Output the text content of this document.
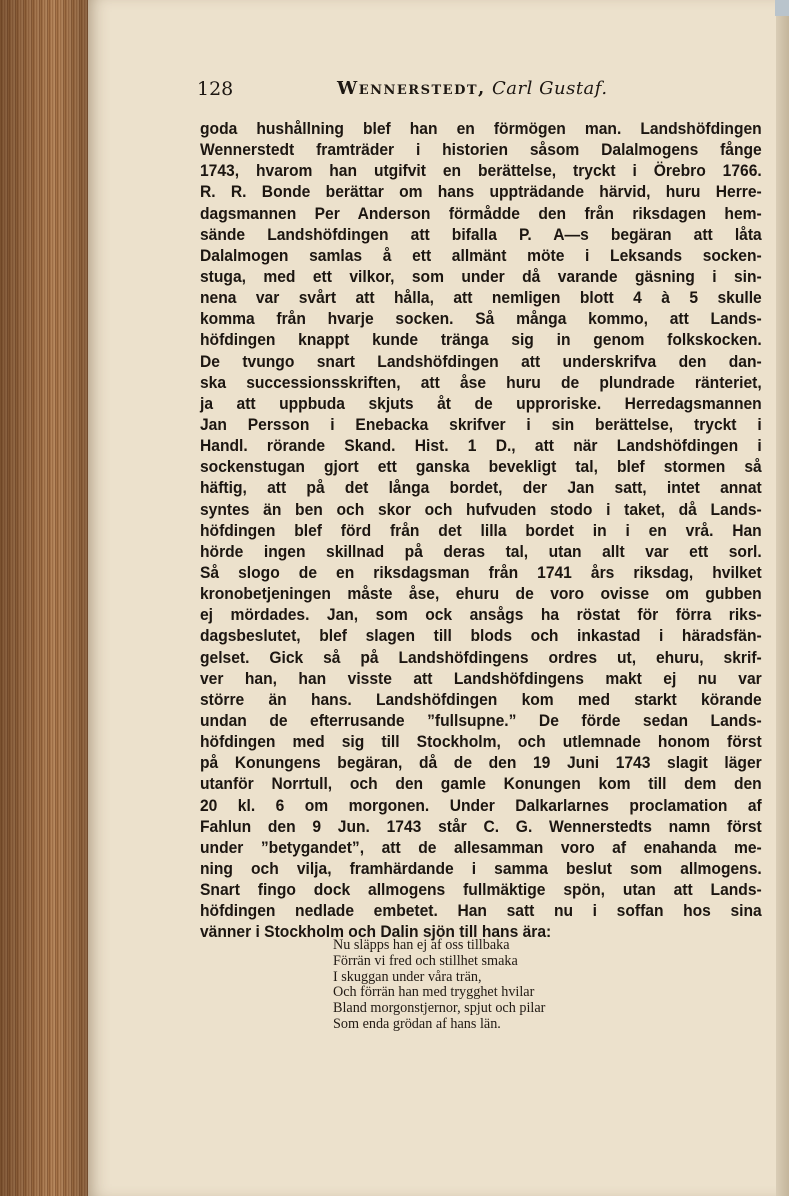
128	Wennerstedt, Carl Gustaf.
goda hushållning blef han en förmögen man. Landshöfdingen
Wennerstedt framträder i historien såsom Dalalmogens fånge
1743, hvarom han utgifvit en berättelse, tryckt i Örebro 1766.
R. R. Bonde berättar om hans uppträdande härvid, huru Herre-
dagsmannen Per Anderson förmådde den från riksdagen hem-
sände Landshöfdingen att bifalla P. A—s begäran att låta
Dalalmogen samlas å ett allmänt möte i Leksands socken-
stuga, med ett vilkor, som under då varande gäsning i sin-
nena var svårt att hålla, att nemligen blott 4 à 5 skulle
komma från hvarje socken. Så många kommo, att Lands-
höfdingen knappt kunde tränga sig in genom folkskocken.
De tvungo snart Landshöfdingen att underskrifva den dan-
ska successionsskriften, att åse huru de plundrade ränteriet,
ja att uppbuda skjuts åt de upproriske. Herredagsmannen
Jan Persson i Enebacka skrifver i sin berättelse, tryckt i
Handl. rörande Skand. Hist. 1 D., att när Landshöfdingen i
sockenstugan gjort ett ganska bevekligt tal, blef stormen så
häftig, att på det långa bordet, der Jan satt, intet annat
syntes än ben och skor och hufvuden stodo i taket, då Lands-
höfdingen blef förd från det lilla bordet in i en vrå. Han
hörde ingen skillnad på deras tal, utan allt var ett sorl.
Så slogo de en riksdagsman från 1741 års riksdag, hvilket
kronobetjeningen måste åse, ehuru de voro ovisse om gubben
ej mördades. Jan, som ock ansågs ha röstat för förra riks-
dagsbeslutet, blef slagen till blods och inkastad i häradsfän-
gelset. Gick så på Landshöfdingens ordres ut, ehuru, skrif-
ver han, han visste att Landshöfdingens makt ej nu var
större än hans. Landshöfdingen kom med starkt körande
undan de efterrusande ”fullsupne.” De förde sedan Lands-
höfdingen med sig till Stockholm, och utlemnade honom först
på Konungens begäran, då de den 19 Juni 1743 slagit läger
utanför Norrtull, och den gamle Konungen kom till dem den
20 kl. 6 om morgonen. Under Dalkarlarnes proclamation af
Fahlun den 9 Jun. 1743 står C. G. Wennerstedts namn först
under ”betygandet”, att de allesamman voro af enahanda me-
ning och vilja, framhärdande i samma beslut som allmogens.
Snart fingo dock allmogens fullmäktige spön, utan att Lands-
höfdingen nedlade embetet. Han satt nu i soffan hos sina
vänner i Stockholm och Dalin sjön till hans ära:
Nu släpps han ej af oss tillbaka
Förrän vi fred och stillhet smaka
I skuggan under våra trän,
Och förrän han med trygghet hvilar
Bland morgonstjernor, spjut och pilar
Som enda grödan af hans län.
